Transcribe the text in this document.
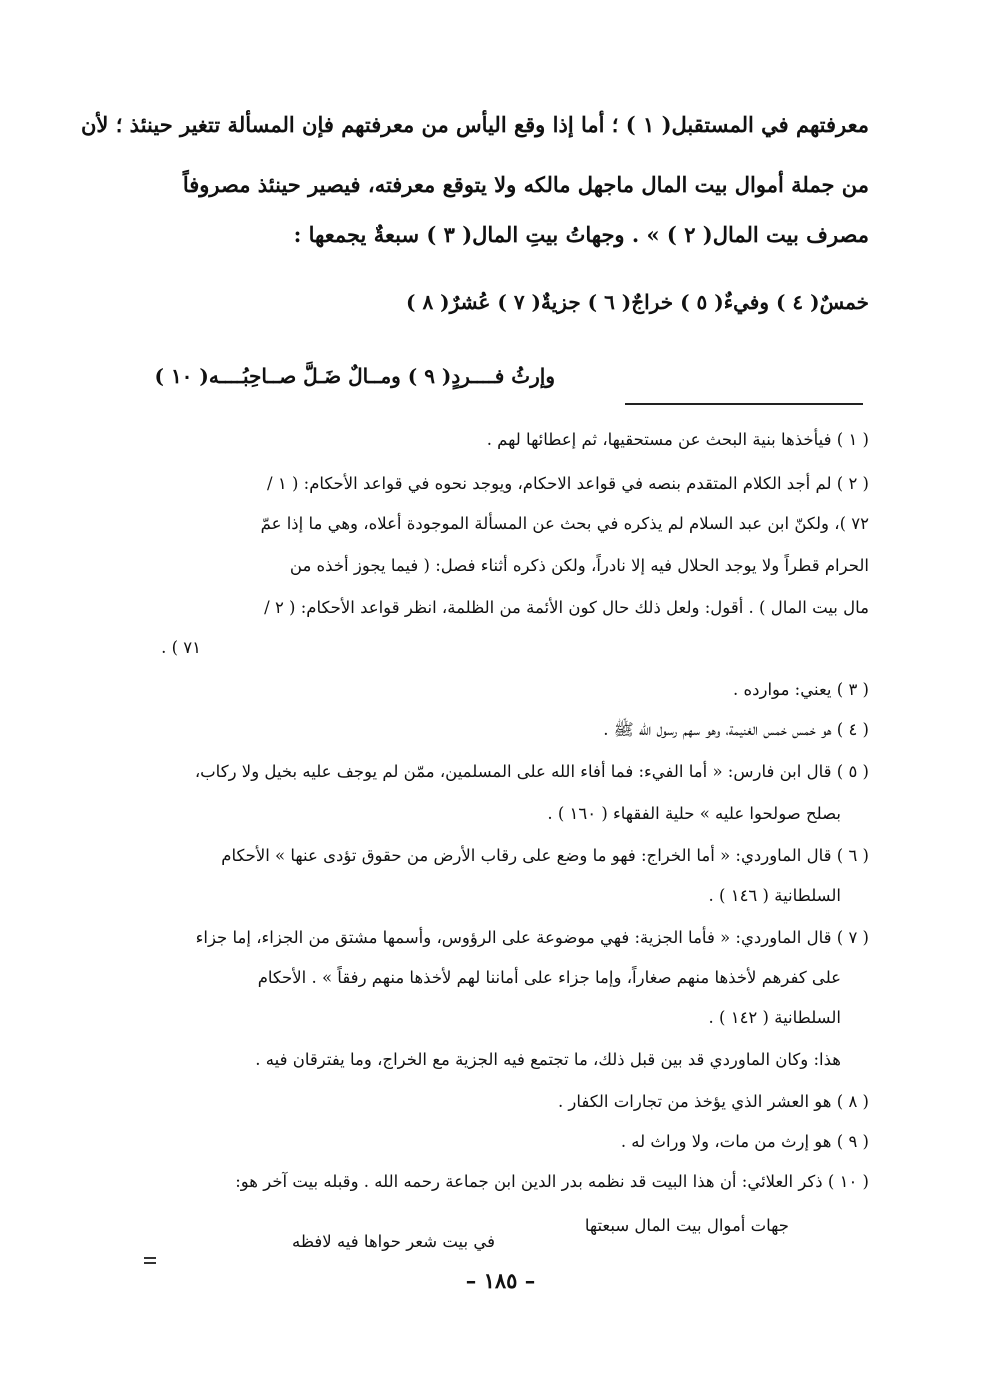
معرفتهم في المستقبل( ١ ) ؛ أما إذا وقع اليأس من معرفتهم فإن المسألة تتغير حينئذ ؛ لأن
من جملة أموال بيت المال ماجهل مالكه ولا يتوقع معرفته، فيصير حينئذ مصروفاً
مصرف بيت المال( ٢ ) » . وجهاتُ بيتِ المال( ٣ ) سبعةٌ يجمعها :
خمسٌ( ٤ ) وفيءٌ( ٥ ) خراجٌ( ٦ ) جزيةٌ( ٧ ) عُشرٌ( ٨ )
وإرثُ فــــردٍ( ٩ ) ومــالٌ ضَـلَّ صــاحِبُــــه( ١٠ )
( ١ ) فيأخذها بنية البحث عن مستحقيها، ثم إعطائها لهم .
( ٢ ) لم أجد الكلام المتقدم بنصه في قواعد الاحكام، ويوجد نحوه في قواعد الأحكام: ( ١ /
٧٢ )، ولكنّ ابن عبد السلام لم يذكره في بحث عن المسألة الموجودة أعلاه، وهي ما إذا عمّ
الحرام قطراً ولا يوجد الحلال فيه إلا نادراً، ولكن ذكره أثناء فصل: ( فيما يجوز أخذه من
مال بيت المال ) . أقول: ولعل ذلك حال كون الأئمة من الظلمة، انظر قواعد الأحكام: ( ٢ /
٧١ ) .
( ٣ ) يعني: موارده .
( ٤ ) هو خمس خمس الغنيمة، وهو سهم رسول الله ﷺ .
( ٥ ) قال ابن فارس: « أما الفيء: فما أفاء الله على المسلمين، ممّن لم يوجف عليه بخيل ولا ركاب،
بصلح صولحوا عليه » حلية الفقهاء ( ١٦٠ ) .
( ٦ ) قال الماوردي: « أما الخراج: فهو ما وضع على رقاب الأرض من حقوق تؤدى عنها » الأحكام
السلطانية ( ١٤٦ ) .
( ٧ ) قال الماوردي: « فأما الجزية: فهي موضوعة على الرؤوس، وأسمها مشتق من الجزاء، إما جزاء
على كفرهم لأخذها منهم صغاراً، وإما جزاء على أماننا لهم لأخذها منهم رفقاً » . الأحكام
السلطانية ( ١٤٢ ) .
هذا: وكان الماوردي قد بين قبل ذلك، ما تجتمع فيه الجزية مع الخراج، وما يفترقان فيه .
( ٨ ) هو العشر الذي يؤخذ من تجارات الكفار .
( ٩ ) هو إرث من مات، ولا وراث له .
( ١٠ ) ذكر العلائي: أن هذا البيت قد نظمه بدر الدين ابن جماعة رحمه الله . وقبله بيت آخر هو:
جهات أموال بيت المال سبعتها
في بيت شعر حواها فيه لافظه
– ١٨٥ –
